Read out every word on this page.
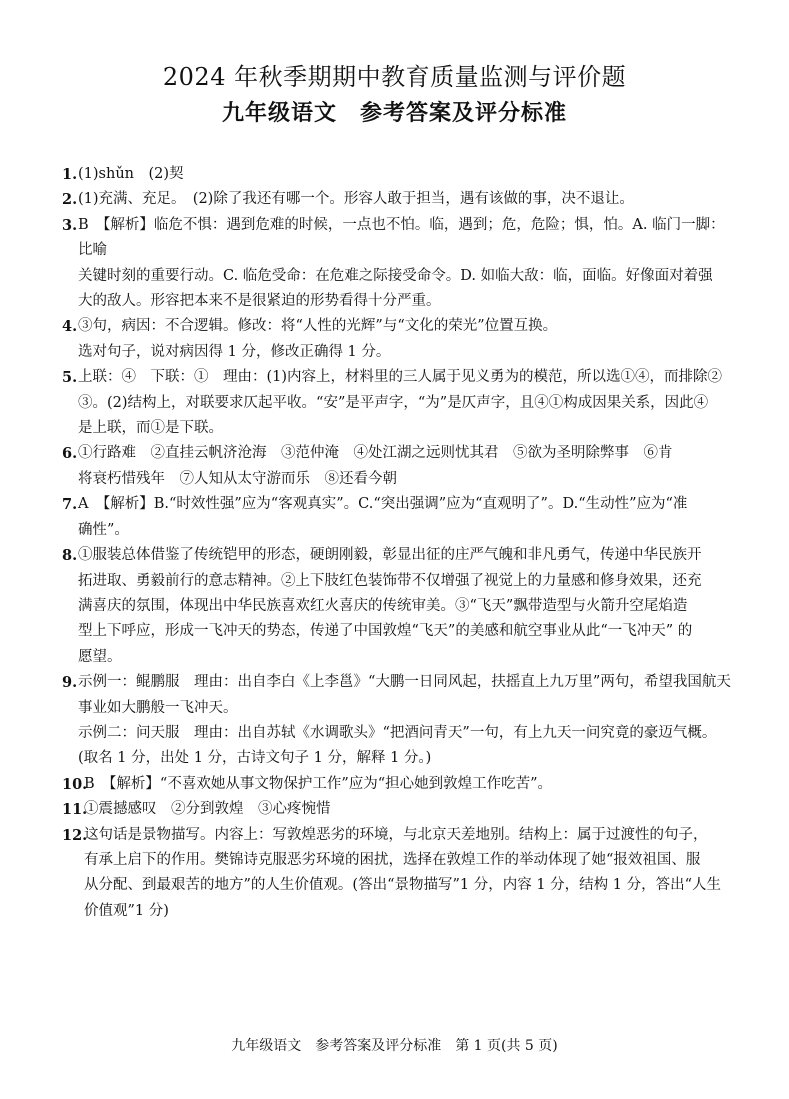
2024 年秋季期期中教育质量监测与评价题
九年级语文　参考答案及评分标准
1. (1)shǔn　(2)契
2. (1)充满、充足。　(2)除了我还有哪一个。形容人敢于担当，遇有该做的事，决不退让。
3. B　【解析】临危不惧：遇到危难的时候，一点也不怕。临，遇到；危，危险；惧，怕。A. 临门一脚：比喻
关键时刻的重要行动。C. 临危受命：在危难之际接受命令。D. 如临大敌：临，面临。好像面对着强
大的敌人。形容把本来不是很紧迫的形势看得十分严重。
4. ③句，病因：不合逻辑。修改：将“人性的光辉”与“文化的荣光”位置互换。
选对句子，说对病因得 1 分，修改正确得 1 分。
5. 上联：④　下联：①　理由：(1)内容上，材料里的三人属于见义勇为的模范，所以选①④，而排除②
③。(2)结构上，对联要求仄起平收。“安”是平声字，“为”是仄声字，且④①构成因果关系，因此④
是上联，而①是下联。
6. ①行路难　②直挂云帆济沧海　③范仲淹　④处江湖之远则忧其君　⑤欲为圣明除弊事　⑥肯
将衰朽惜残年　⑦人知从太守游而乐　⑧还看今朝
7. A　【解析】B.“时效性强”应为“客观真实”。C.“突出强调”应为“直观明了”。D.“生动性”应为“准
确性”。
8. ①服装总体借鉴了传统铠甲的形态，硬朗刚毅，彰显出征的庄严气魄和非凡勇气，传递中华民族开
拓进取、勇毅前行的意志精神。②上下肢红色装饰带不仅增强了视觉上的力量感和修身效果，还充
满喜庆的氛围，体现出中华民族喜欢红火喜庆的传统审美。③“飞天”飘带造型与火箭升空尾焰造
型上下呼应，形成一飞冲天的势态，传递了中国敦煌“飞天”的美感和航空事业从此“一飞冲天” 的
愿望。
9. 示例一：鲲鹏服　理由：出自李白《上李邕》“大鹏一日同风起，扶摇直上九万里”两句，希望我国航天
事业如大鹏般一飞冲天。
示例二：问天服　理由：出自苏轼《水调歌头》“把酒问青天”一句，有上九天一问究竟的豪迈气概。
(取名 1 分，出处 1 分，古诗文句子 1 分，解释 1 分。)
10.
B　【解析】“不喜欢她从事文物保护工作”应为“担心她到敦煌工作吃苦”。
11.
①震撼感叹　②分到敦煌　③心疼惋惜
12.
这句话是景物描写。内容上：写敦煌恶劣的环境，与北京天差地别。结构上：属于过渡性的句子，
有承上启下的作用。樊锦诗克服恶劣环境的困扰，选择在敦煌工作的举动体现了她“报效祖国、服
从分配、到最艰苦的地方”的人生价值观。(答出“景物描写”1 分，内容 1 分，结构 1 分，答出“人生
价值观”1 分)
九年级语文　参考答案及评分标准　第 1 页(共 5 页)
